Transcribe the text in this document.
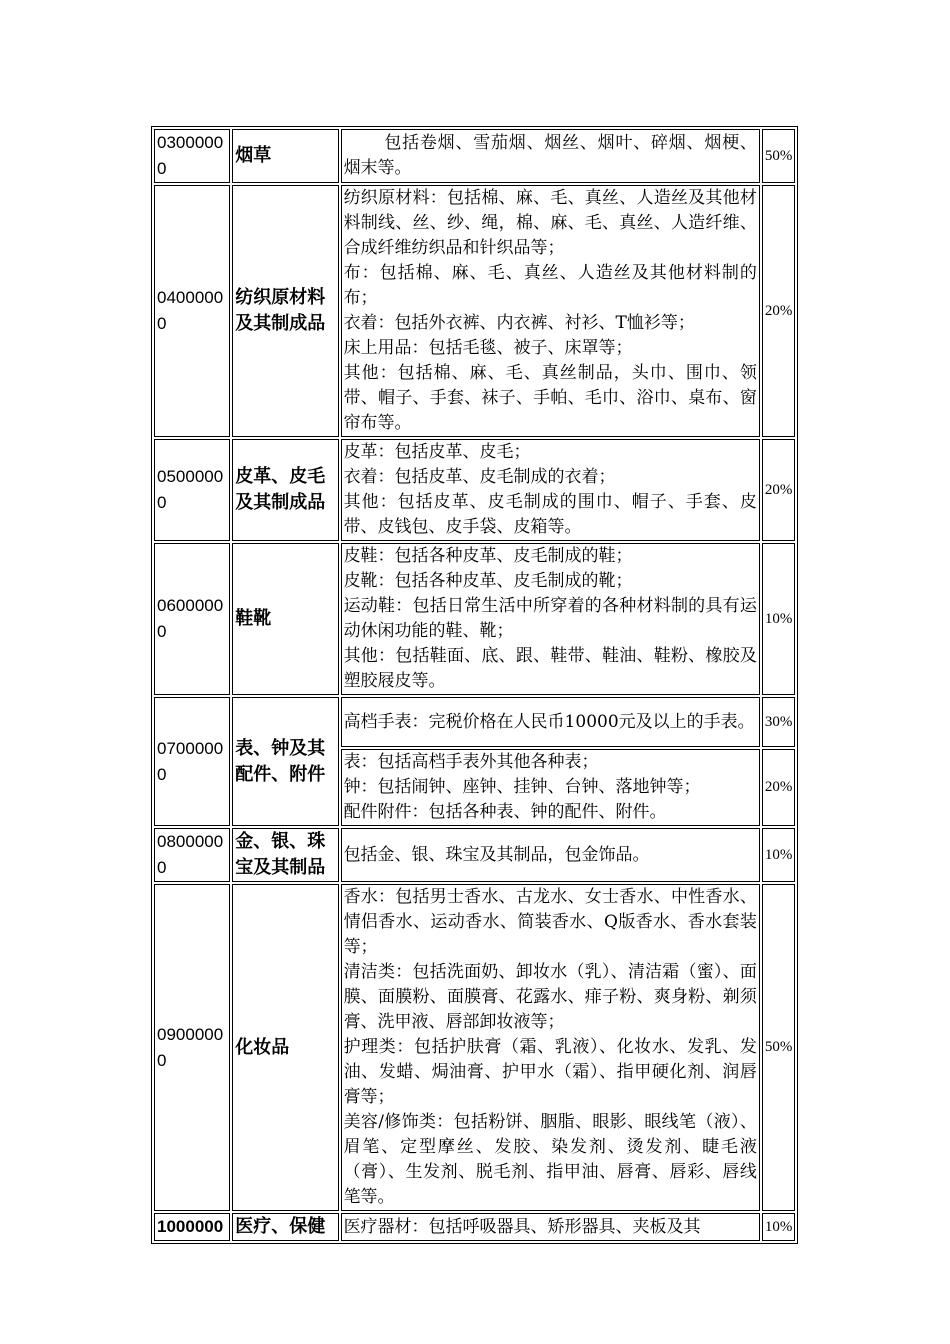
03000000	烟草	包括卷烟、雪茄烟、烟丝、烟叶、碎烟、烟梗、烟末等。	50%
04000000	纺织原材料及其制成品	纺织原材料：包括棉、麻、毛、真丝、人造丝及其他材料制线、丝、纱、绳，棉、麻、毛、真丝、人造纤维、合成纤维纺织品和针织品等；
布：包括棉、麻、毛、真丝、人造丝及其他材料制的布；
衣着：包括外衣裤、内衣裤、衬衫、T恤衫等；
床上用品：包括毛毯、被子、床罩等；
其他：包括棉、麻、毛、真丝制品，头巾、围巾、领带、帽子、手套、袜子、手帕、毛巾、浴巾、桌布、窗帘布等。	20%
05000000	皮革、皮毛及其制成品	皮革：包括皮革、皮毛；
衣着：包括皮革、皮毛制成的衣着；
其他：包括皮革、皮毛制成的围巾、帽子、手套、皮带、皮钱包、皮手袋、皮箱等。	20%
06000000	鞋靴	皮鞋：包括各种皮革、皮毛制成的鞋；
皮靴：包括各种皮革、皮毛制成的靴；
运动鞋：包括日常生活中所穿着的各种材料制的具有运动休闲功能的鞋、靴；
其他：包括鞋面、底、跟、鞋带、鞋油、鞋粉、橡胶及塑胶屐皮等。	10%
07000000	表、钟及其配件、附件	高档手表：完税价格在人民币10000元及以上的手表。	30%

		表：包括高档手表外其他各种表；
钟：包括闹钟、座钟、挂钟、台钟、落地钟等；
配件附件：包括各种表、钟的配件、附件。	20%
08000000	金、银、珠宝及其制品	包括金、银、珠宝及其制品，包金饰品。	10%
09000000	化妆品	香水：包括男士香水、古龙水、女士香水、中性香水、情侣香水、运动香水、简装香水、Q版香水、香水套装等；
清洁类：包括洗面奶、卸妆水（乳）、清洁霜（蜜）、面膜、面膜粉、面膜膏、花露水、痱子粉、爽身粉、剃须膏、洗甲液、唇部卸妆液等；
护理类：包括护肤膏（霜、乳液）、化妆水、发乳、发油、发蜡、焗油膏、护甲水（霜）、指甲硬化剂、润唇膏等；
美容/修饰类：包括粉饼、胭脂、眼影、眼线笔（液）、眉笔、定型摩丝、发胶、染发剂、烫发剂、睫毛液（膏）、生发剂、脱毛剂、指甲油、唇膏、唇彩、唇线笔等。	50%
1000000	医疗、保健	医疗器材：包括呼吸器具、矫形器具、夹板及其	10%
